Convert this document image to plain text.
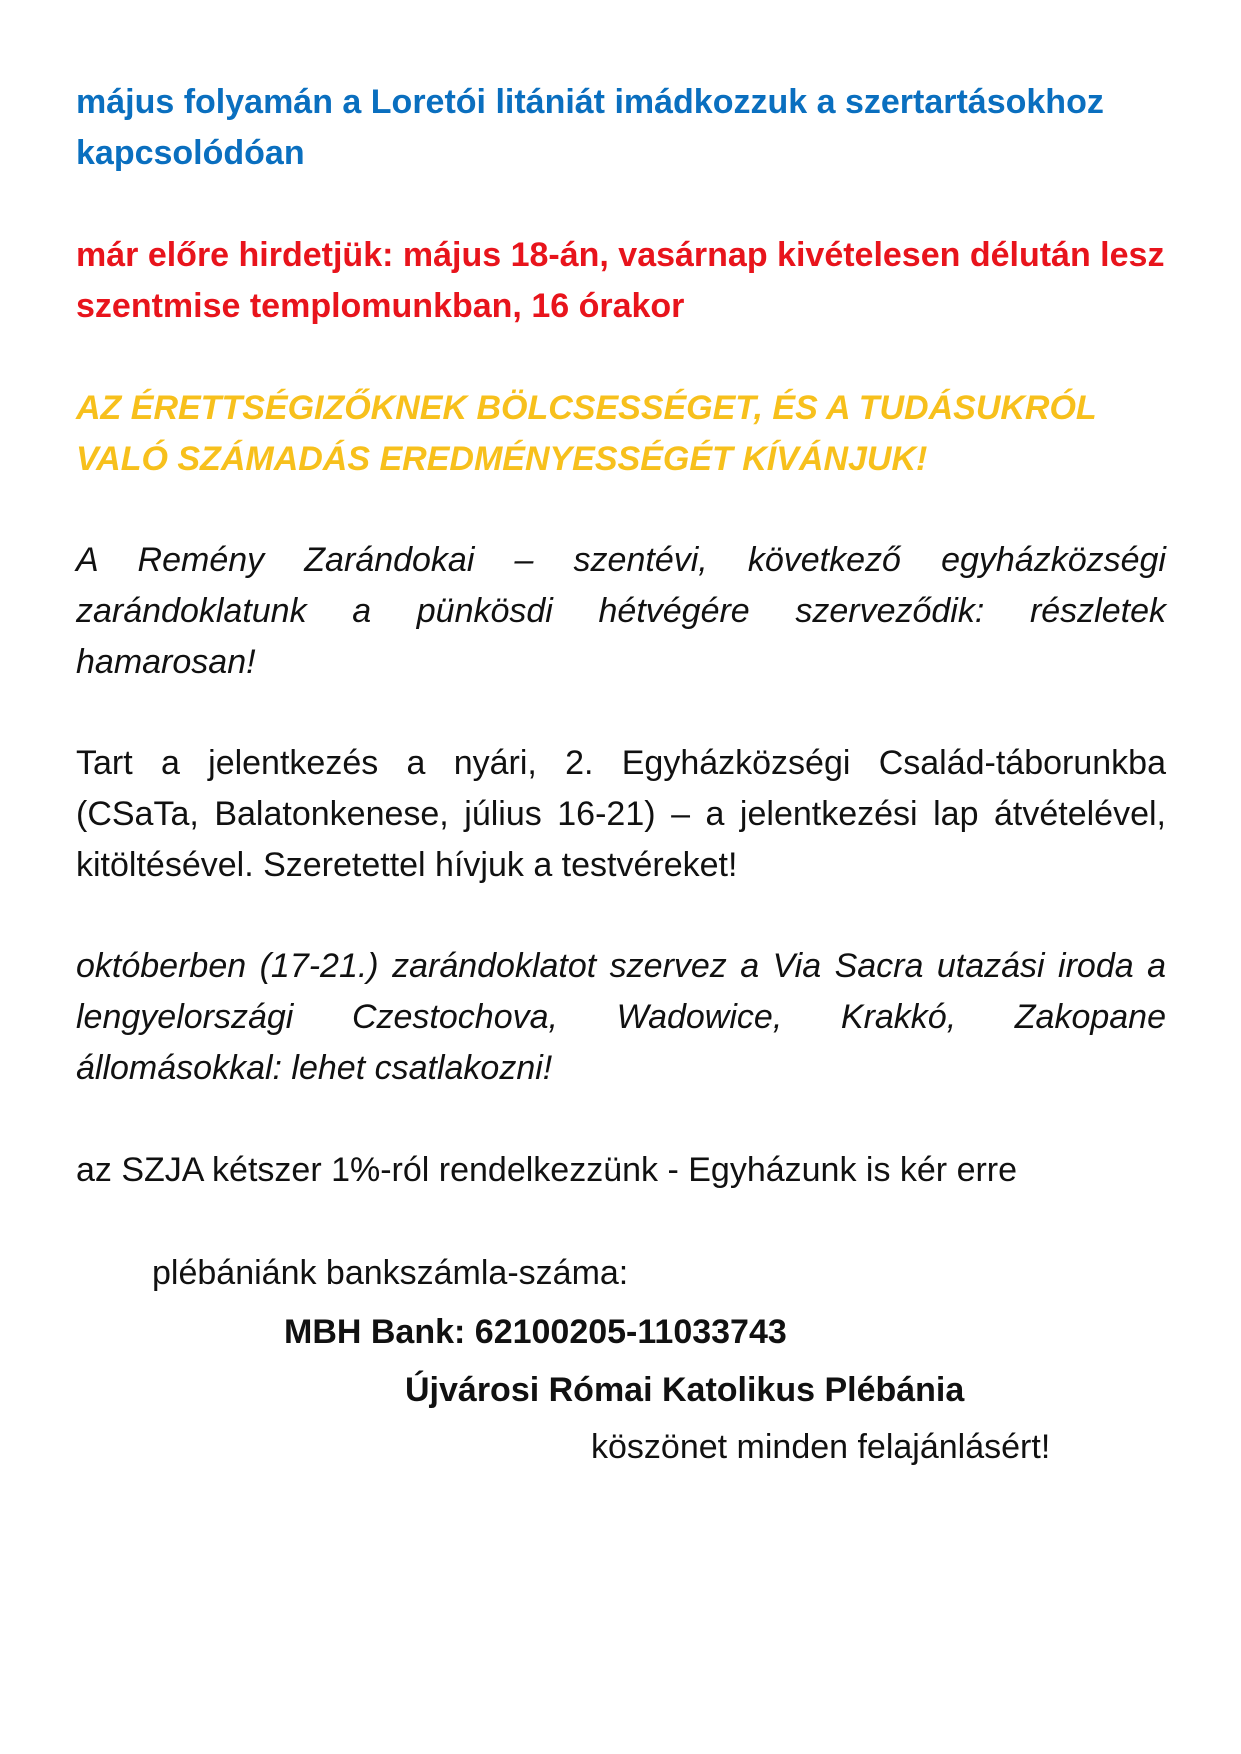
május folyamán a Loretói litániát imádkozzuk a szertartásokhoz kapcsolódóan

már előre hirdetjük: május 18-án, vasárnap kivételesen délután lesz szentmise templomunkban, 16 órakor

AZ ÉRETTSÉGIZŐKNEK BÖLCSESSÉGET, ÉS A TUDÁSUKRÓL VALÓ SZÁMADÁS EREDMÉNYESSÉGÉT KÍVÁNJUK!

A Remény Zarándokai – szentévi, következő egyházközségi zarándoklatunk a pünkösdi hétvégére szerveződik: részletek hamarosan!

Tart a jelentkezés a nyári, 2. Egyházközségi Család-táborunkba (CSaTa, Balatonkenese, július 16-21) – a jelentkezési lap átvételével, kitöltésével. Szeretettel hívjuk a testvéreket!

októberben (17-21.) zarándoklatot szervez a Via Sacra utazási iroda a lengyelországi Czestochova, Wadowice, Krakkó, Zakopane állomásokkal: lehet csatlakozni!

az SZJA kétszer 1%-ról rendelkezzünk - Egyházunk is kér erre

plébániánk bankszámla-száma:

MBH Bank: 62100205-11033743

Újvárosi Római Katolikus Plébánia

köszönet minden felajánlásért!
